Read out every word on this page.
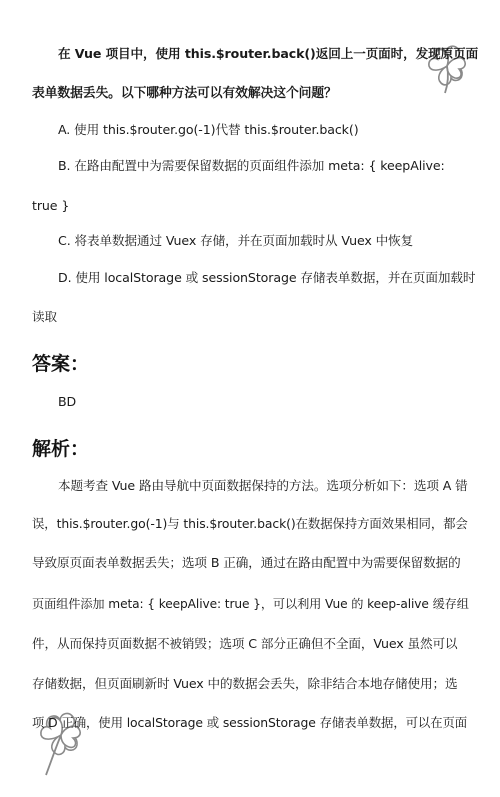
在 Vue 项目中，使用 this.$router.back()返回上一页面时，发现原页面
表单数据丢失。以下哪种方法可以有效解决这个问题？
A. 使用 this.$router.go(-1)代替 this.$router.back()
B. 在路由配置中为需要保留数据的页面组件添加 meta: { keepAlive:
true }
C. 将表单数据通过 Vuex 存储，并在页面加载时从 Vuex 中恢复
D. 使用 localStorage 或 sessionStorage 存储表单数据，并在页面加载时
读取
答案：
BD
解析：
本题考查 Vue 路由导航中页面数据保持的方法。选项分析如下：选项 A 错
误，this.$router.go(-1)与 this.$router.back()在数据保持方面效果相同，都会
导致原页面表单数据丢失；选项 B 正确，通过在路由配置中为需要保留数据的
页面组件添加 meta: { keepAlive: true }，可以利用 Vue 的 keep-alive 缓存组
件，从而保持页面数据不被销毁；选项 C 部分正确但不全面，Vuex 虽然可以
存储数据，但页面刷新时 Vuex 中的数据会丢失，除非结合本地存储使用；选
项 D 正确，使用 localStorage 或 sessionStorage 存储表单数据，可以在页面
